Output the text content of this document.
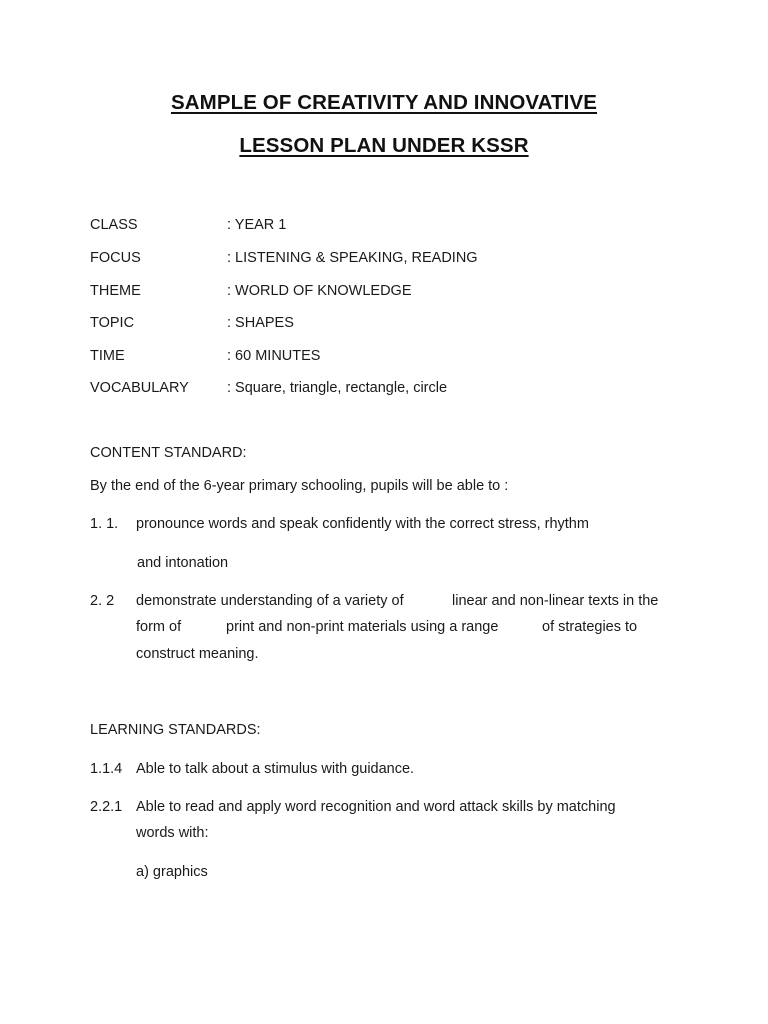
SAMPLE OF CREATIVITY AND INNOVATIVE
LESSON PLAN UNDER KSSR
CLASS	: YEAR 1
FOCUS	: LISTENING & SPEAKING, READING
THEME	: WORLD OF KNOWLEDGE
TOPIC	: SHAPES
TIME	: 60 MINUTES
VOCABULARY	: Square, triangle, rectangle, circle
CONTENT STANDARD:
By the end of the 6-year primary schooling, pupils will be able to :
1. 1. pronounce words and speak confidently with the correct stress, rhythm
and intonation
2. 2 demonstrate understanding of a variety of	linear and non-linear texts in the
form of	print and non-print materials using a range	of strategies to
construct meaning.
LEARNING STANDARDS:
1.1.4 Able to talk about a stimulus with guidance.
2.2.1 Able to read and apply word recognition and word attack skills by matching
words with:
a) graphics
